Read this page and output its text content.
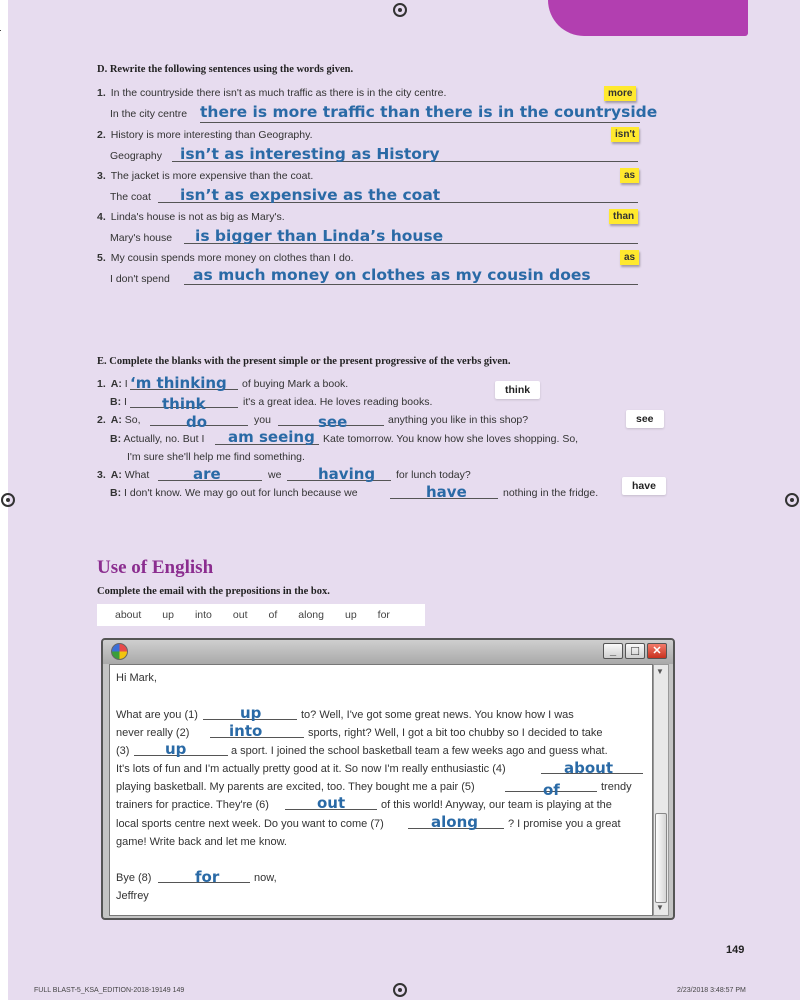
D. Rewrite the following sentences using the words given.
1. In the countryside there isn't as much traffic as there is in the city centre.	more
In the city centre there is more traffic than there is in the countryside
2. History is more interesting than Geography.	isn't
Geography isn’t as interesting as History
3. The jacket is more expensive than the coat.	as
The coat isn’t as expensive as the coat
4. Linda's house is not as big as Mary's.	than
Mary's house is bigger than Linda’s house
5. My cousin spends more money on clothes than I do.	as
I don't spend as much money on clothes as my cousin does
E. Complete the blanks with the present simple or the present progressive of the verbs given.
think
see
have
1. A: I ‘m thinking of buying Mark a book.
B: I think	it's a great idea. He loves reading books.
2. A: So,	do	you	see	anything you like in this shop?
B: Actually, no. But I am seeing Kate tomorrow. You know how she loves shopping. So,
I'm sure she'll help me find something.
3. A: What	are	we having for lunch today?
B: I don't know. We may go out for lunch because we	have	nothing in the fridge.
Use of English
Complete the email with the prepositions in the box.
about up into out of along up for
_	□	✕
▼
▼
Hi Mark,
What are you (1)	up	to? Well, I've got some great news. You know how I was
never really (2)	into	sports, right? Well, I got a bit too chubby so I decided to take
(3) up	a sport. I joined the school basketball team a few weeks ago and guess what.
It's lots of fun and I'm actually pretty good at it. So now I'm really enthusiastic (4)	about
playing basketball. My parents are excited, too. They bought me a pair (5)	of	trendy
trainers for practice. They're (6)	out	of this world! Anyway, our team is playing at the
local sports centre next week. Do you want to come (7)	along	? I promise you a great
game! Write back and let me know.
Bye (8)	for	now,
Jeffrey
149
FULL BLAST-5_KSA_EDITION-2018-19149 149	2/23/2018 3:48:57 PM
